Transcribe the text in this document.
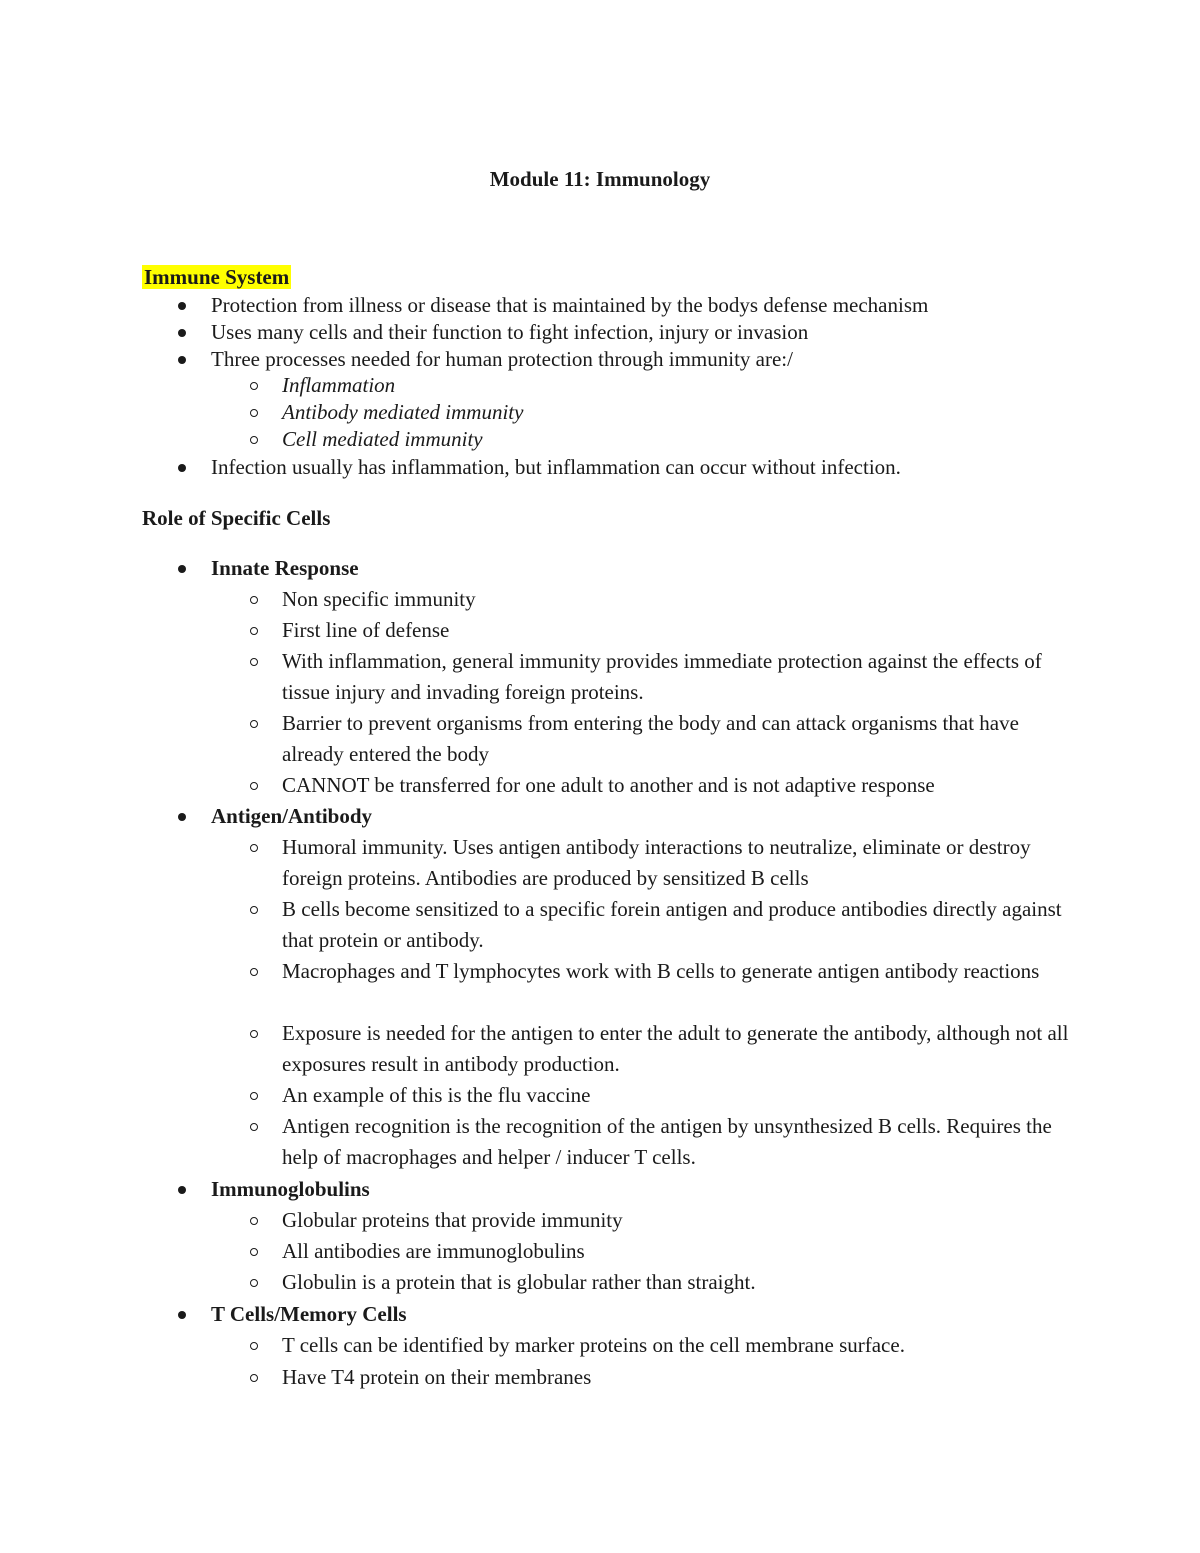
Module 11: Immunology
Immune System
Protection from illness or disease that is maintained by the bodys defense mechanism
Uses many cells and their function to fight infection, injury or invasion
Three processes needed for human protection through immunity are:/
Inflammation
Antibody mediated immunity
Cell mediated immunity
Infection usually has inflammation, but inflammation can occur without infection.
Role of Specific Cells
Innate Response
Non specific immunity
First line of defense
With inflammation, general immunity provides immediate protection against the effects of tissue injury and invading foreign proteins.
Barrier to prevent organisms from entering the body and can attack organisms that have already entered the body
CANNOT be transferred for one adult to another and is not adaptive response
Antigen/Antibody
Humoral immunity. Uses antigen antibody interactions to neutralize, eliminate or destroy foreign proteins. Antibodies are produced by sensitized B cells
B cells become sensitized to a specific forein antigen and produce antibodies directly against that protein or antibody.
Macrophages and T lymphocytes work with B cells to generate antigen antibody reactions
Exposure is needed for the antigen to enter the adult to generate the antibody, although not all exposures result in antibody production.
An example of this is the flu vaccine
Antigen recognition is the recognition of the antigen by unsynthesized B cells. Requires the help of macrophages and helper / inducer T cells.
Immunoglobulins
Globular proteins that provide immunity
All antibodies are immunoglobulins
Globulin is a protein that is globular rather than straight.
T Cells/Memory Cells
T cells can be identified by marker proteins on the cell membrane surface.
Have T4 protein on their membranes
